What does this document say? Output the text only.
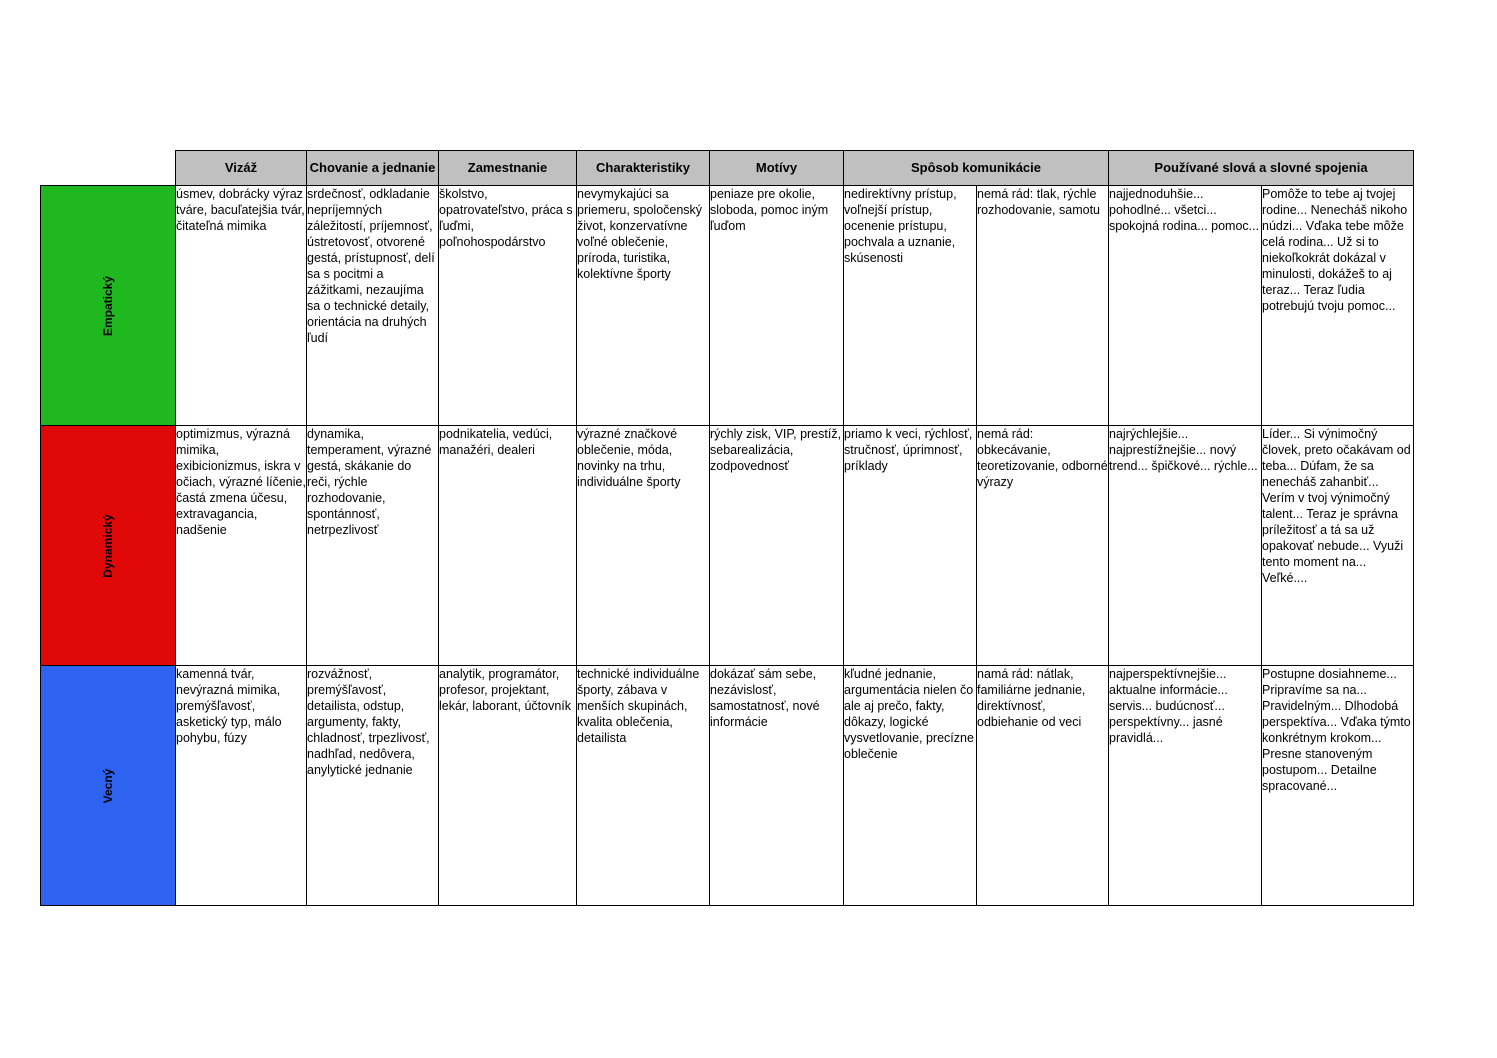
	Vizáž	Chovanie a jednanie	Zamestnanie	Charakteristiky	Motívy	Spôsob komunikácie		Používané slová a slovné spojenia	

Empatický	úsmev, dobrácky výraz tváre, bacuľatejšia tvár, čitateľná mimika	srdečnosť, odkladanie nepríjemných záležitostí, príjemnosť, ústretovosť, otvorené gestá, prístupnosť, delí sa s pocitmi a zážitkami, nezaujíma sa o technické detaily, orientácia na druhých ľudí	školstvo, opatrovateľstvo, práca s ľuďmi, poľnohospodárstvo	nevymykajúci sa priemeru, spoločenský život, konzervatívne voľné oblečenie, príroda, turistika, kolektívne športy	peniaze pre okolie, sloboda, pomoc iným ľuďom	nedirektívny prístup, voľnejší prístup, ocenenie prístupu, pochvala a uznanie, skúsenosti	nemá rád: tlak, rýchle rozhodovanie, samotu	najjednoduhšie... pohodlné... všetci... spokojná rodina... pomoc...	Pomôže to tebe aj tvojej rodine... Nenecháš nikoho núdzi... Vďaka tebe môže celá rodina... Už si to niekoľkokrát dokázal v minulosti, dokážeš to aj teraz... Teraz ľudia potrebujú tvoju pomoc...

Dynamický	optimizmus, výrazná mimika, exibicionizmus, iskra v očiach, výrazné líčenie, častá zmena účesu, extravagancia, nadšenie	dynamika, temperament, výrazné gestá, skákanie do reči, rýchle rozhodovanie, spontánnosť, netrpezlivosť	podnikatelia, vedúci, manažéri, dealeri	výrazné značkové oblečenie, móda, novinky na trhu, individuálne športy	rýchly zisk, VIP, prestíž, sebarealizácia, zodpovednosť	priamo k veci, rýchlosť, stručnosť, úprimnosť, príklady	nemá rád: obkecávanie, teoretizovanie, odborné výrazy	najrýchlejšie... najprestížnejšie... nový trend... špičkové... rýchle...	Líder... Si výnimočný človek, preto očakávam od teba... Dúfam, že sa nenecháš zahanbiť... Verím v tvoj výnimočný talent... Teraz je správna príležitosť a tá sa už opakovať nebude... Využi tento moment na... Veľké....

Vecný	kamenná tvár, nevýrazná mimika, premýšľavosť, asketický typ, málo pohybu, fúzy	rozvážnosť, premýšľavosť, detailista, odstup, argumenty, fakty, chladnosť, trpezlivosť, nadhľad, nedôvera, anylytické jednanie	analytik, programátor, profesor, projektant, lekár, laborant, účtovník	technické individuálne športy, zábava v menších skupinách, kvalita oblečenia, detailista	dokázať sám sebe, nezávislosť, samostatnosť, nové informácie	kľudné jednanie, argumentácia nielen čo ale aj prečo, fakty, dôkazy, logické vysvetlovanie, precízne oblečenie	namá rád: nátlak, familiárne jednanie, direktívnosť, odbiehanie od veci	najperspektívnejšie... aktualne informácie... servis... budúcnosť... perspektívny... jasné pravidlá...	Postupne dosiahneme... Pripravíme sa na... Pravidelným... Dlhodobá perspektíva... Vďaka týmto konkrétnym krokom... Presne stanoveným postupom... Detailne spracované...
